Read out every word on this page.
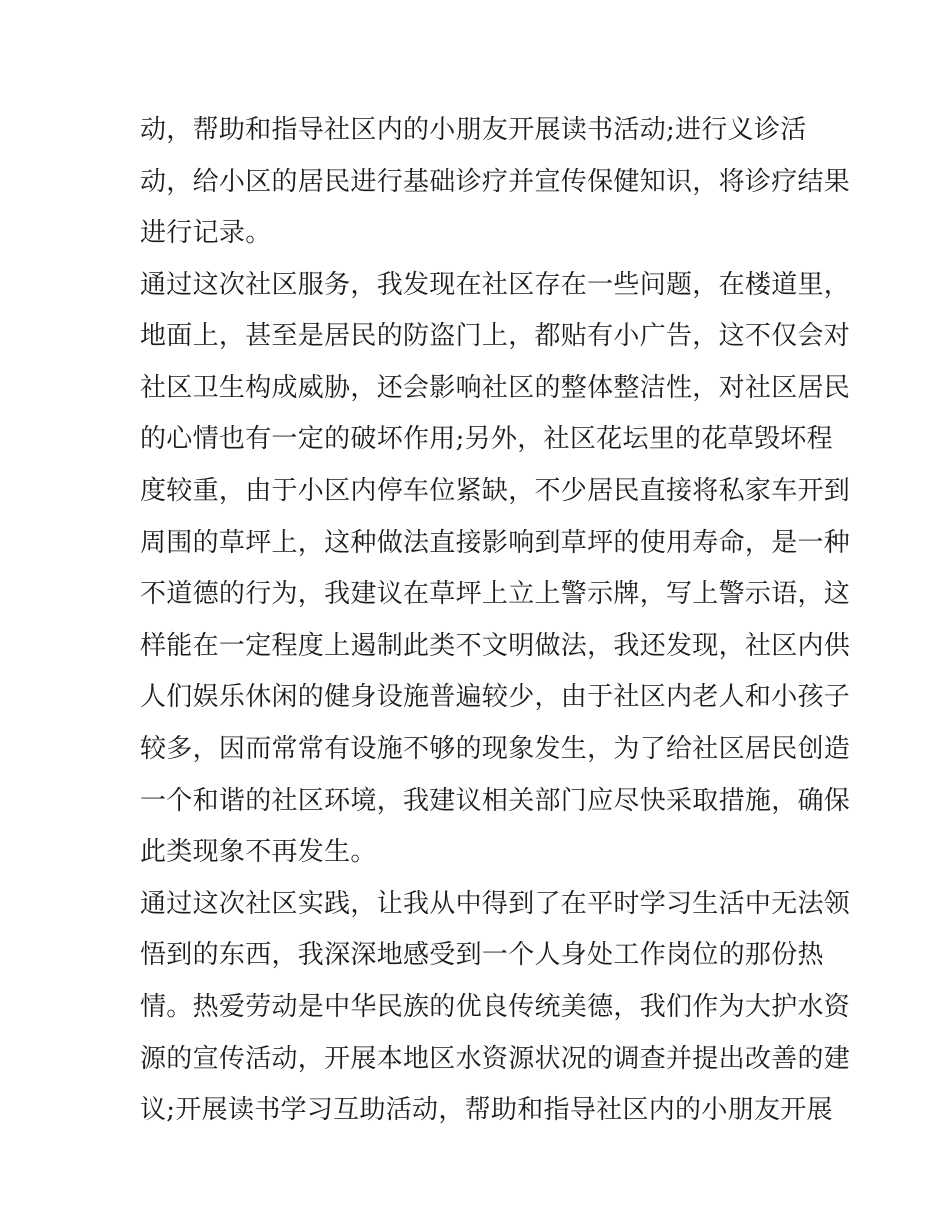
动，帮助和指导社区内的小朋友开展读书活动;进行义诊活
动，给小区的居民进行基础诊疗并宣传保健知识，将诊疗结果
进行记录。
通过这次社区服务，我发现在社区存在一些问题，在楼道里，
地面上，甚至是居民的防盗门上，都贴有小广告，这不仅会对
社区卫生构成威胁，还会影响社区的整体整洁性，对社区居民
的心情也有一定的破坏作用;另外，社区花坛里的花草毁坏程
度较重，由于小区内停车位紧缺，不少居民直接将私家车开到
周围的草坪上，这种做法直接影响到草坪的使用寿命，是一种
不道德的行为，我建议在草坪上立上警示牌，写上警示语，这
样能在一定程度上遏制此类不文明做法，我还发现，社区内供
人们娱乐休闲的健身设施普遍较少，由于社区内老人和小孩子
较多，因而常常有设施不够的现象发生，为了给社区居民创造
一个和谐的社区环境，我建议相关部门应尽快采取措施，确保
此类现象不再发生。
通过这次社区实践，让我从中得到了在平时学习生活中无法领
悟到的东西，我深深地感受到一个人身处工作岗位的那份热
情。热爱劳动是中华民族的优良传统美德，我们作为大护水资
源的宣传活动，开展本地区水资源状况的调查并提出改善的建
议;开展读书学习互助活动，帮助和指导社区内的小朋友开展
